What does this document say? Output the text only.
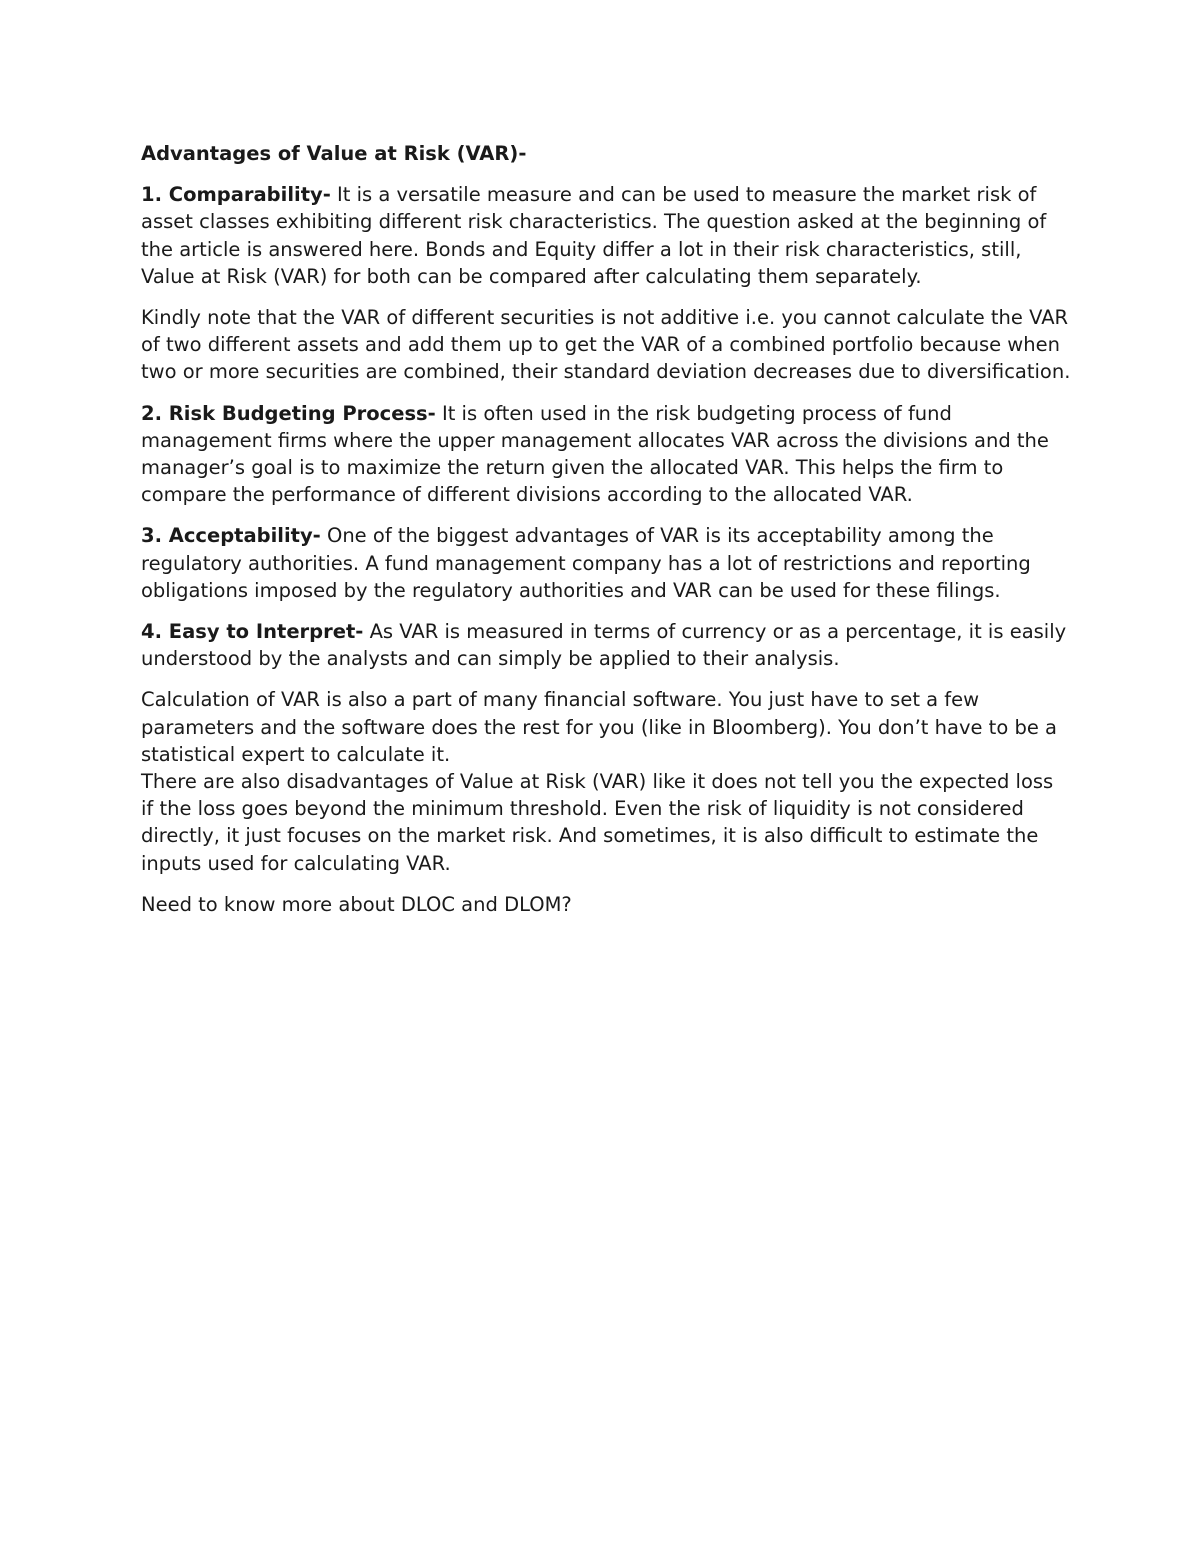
Advantages of Value at Risk (VAR)-

1. Comparability- It is a versatile measure and can be used to measure the market risk of asset classes exhibiting different risk characteristics. The question asked at the beginning of the article is answered here. Bonds and Equity differ a lot in their risk characteristics, still, Value at Risk (VAR) for both can be compared after calculating them separately.

Kindly note that the VAR of different securities is not additive i.e. you cannot calculate the VAR of two different assets and add them up to get the VAR of a combined portfolio because when two or more securities are combined, their standard deviation decreases due to diversification.

2. Risk Budgeting Process- It is often used in the risk budgeting process of fund management firms where the upper management allocates VAR across the divisions and the manager’s goal is to maximize the return given the allocated VAR. This helps the firm to compare the performance of different divisions according to the allocated VAR.

3. Acceptability- One of the biggest advantages of VAR is its acceptability among the regulatory authorities. A fund management company has a lot of restrictions and reporting obligations imposed by the regulatory authorities and VAR can be used for these filings.

4. Easy to Interpret- As VAR is measured in terms of currency or as a percentage, it is easily understood by the analysts and can simply be applied to their analysis.

Calculation of VAR is also a part of many financial software. You just have to set a few parameters and the software does the rest for you (like in Bloomberg). You don’t have to be a statistical expert to calculate it.

There are also disadvantages of Value at Risk (VAR) like it does not tell you the expected loss if the loss goes beyond the minimum threshold. Even the risk of liquidity is not considered directly, it just focuses on the market risk. And sometimes, it is also difficult to estimate the inputs used for calculating VAR.

Need to know more about DLOC and DLOM?
